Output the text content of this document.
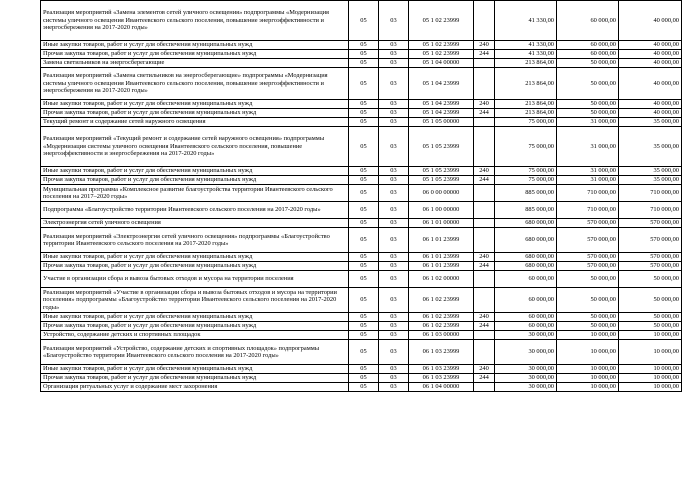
Реализация мероприятий «Замена элементов сетей уличного освещения» подпрограммы «Модернизация системы уличного освещения Ивантеевского сельского поселения, повышение энергоэффективности и энергосбережения на 2017-2020 годы»	05	03	05 1 02 23999		41 330,00	60 000,00	40 000,00
Иные закупки товаров, работ и услуг для обеспечения муниципальных нужд	05	03	05 1 02 23999	240	41 330,00	60 000,00	40 000,00
Прочая закупка товаров, работ и услуг для обеспечения муниципальных нужд	05	03	05 1 02 23999	244	41 330,00	60 000,00	40 000,00
Замена светильников на энергосберегающие	05	03	05 1 04 00000		213 864,00	50 000,00	40 000,00
Реализация мероприятий «Замена светильников на энергосберегающие» подпрограммы «Модернизация системы уличного освещения Ивантеевского сельского поселения, повышение энергоэффективности и энергосбережения на 2017-2020 годы»	05	03	05 1 04 23999		213 864,00	50 000,00	40 000,00
Иные закупки товаров, работ и услуг для обеспечения муниципальных нужд	05	03	05 1 04 23999	240	213 864,00	50 000,00	40 000,00
Прочая закупка товаров, работ и услуг для обеспечения муниципальных нужд	05	03	05 1 04 23999	244	213 864,00	50 000,00	40 000,00
Текущий ремонт и содержание сетей наружного освещения	05	03	05 1 05 00000		75 000,00	31 000,00	35 000,00
Реализация мероприятий «Текущий ремонт и содержание сетей наружного освещения» подпрограммы «Модернизация системы уличного освещения Ивантеевского сельского поселения, повышение энергоэффективности и энергосбережения на 2017-2020 годы»	05	03	05 1 05 23999		75 000,00	31 000,00	35 000,00
Иные закупки товаров, работ и услуг для обеспечения муниципальных нужд	05	03	05 1 05 23999	240	75 000,00	31 000,00	35 000,00
Прочая закупка товаров, работ и услуг для обеспечения муниципальных нужд	05	03	05 1 05 23999	244	75 000,00	31 000,00	35 000,00
Муниципальная программа «Комплексное развитие благоустройства территории Ивантеевского сельского поселения на 2017–2020 годы»	05	03	06 0 00 00000		885 000,00	710 000,00	710 000,00
Подпрограмма «Благоустройство территории Ивантеевского сельского поселения на 2017-2020 годы»	05	03	06 1 00 00000		885 000,00	710 000,00	710 000,00
Электроэнергия сетей уличного освещения	05	03	06 1 01 00000		680 000,00	570 000,00	570 000,00
Реализация мероприятий «Электроэнергия сетей уличного освещения» подпрограммы «Благоустройство территории Ивантеевского сельского поселения на 2017-2020 годы»	05	03	06 1 01 23999		680 000,00	570 000,00	570 000,00
Иные закупки товаров, работ и услуг для обеспечения муниципальных нужд	05	03	06 1 01 23999	240	680 000,00	570 000,00	570 000,00
Прочая закупка товаров, работ и услуг для обеспечения муниципальных нужд	05	03	06 1 01 23999	244	680 000,00	570 000,00	570 000,00
Участие в организации сбора и вывоза бытовых отходов и мусора на территории поселения	05	03	06 1 02 00000		60 000,00	50 000,00	50 000,00
Реализация мероприятий «Участие в организации сбора и вывоза бытовых отходов и мусора на территории поселения» подпрограммы «Благоустройство территории Ивантеевского сельского поселения на 2017-2020 годы»	05	03	06 1 02 23999		60 000,00	50 000,00	50 000,00
Иные закупки товаров, работ и услуг для обеспечения муниципальных нужд	05	03	06 1 02 23999	240	60 000,00	50 000,00	50 000,00
Прочая закупка товаров, работ и услуг для обеспечения муниципальных нужд	05	03	06 1 02 23999	244	60 000,00	50 000,00	50 000,00
Устройство, содержание детских и спортивных площадок	05	03	06 1 03 00000		30 000,00	10 000,00	10 000,00
Реализация мероприятий «Устройство, содержание детских и спортивных площадок» подпрограммы «Благоустройство территории Ивантеевского сельского поселения на 2017-2020 годы»	05	03	06 1 03 23999		30 000,00	10 000,00	10 000,00
Иные закупки товаров, работ и услуг для обеспечения муниципальных нужд	05	03	06 1 03 23999	240	30 000,00	10 000,00	10 000,00
Прочая закупка товаров, работ и услуг для обеспечения муниципальных нужд	05	03	06 1 03 23999	244	30 000,00	10 000,00	10 000,00
Организация ритуальных услуг и содержание мест захоронения	05	03	06 1 04 00000		30 000,00	10 000,00	10 000,00
